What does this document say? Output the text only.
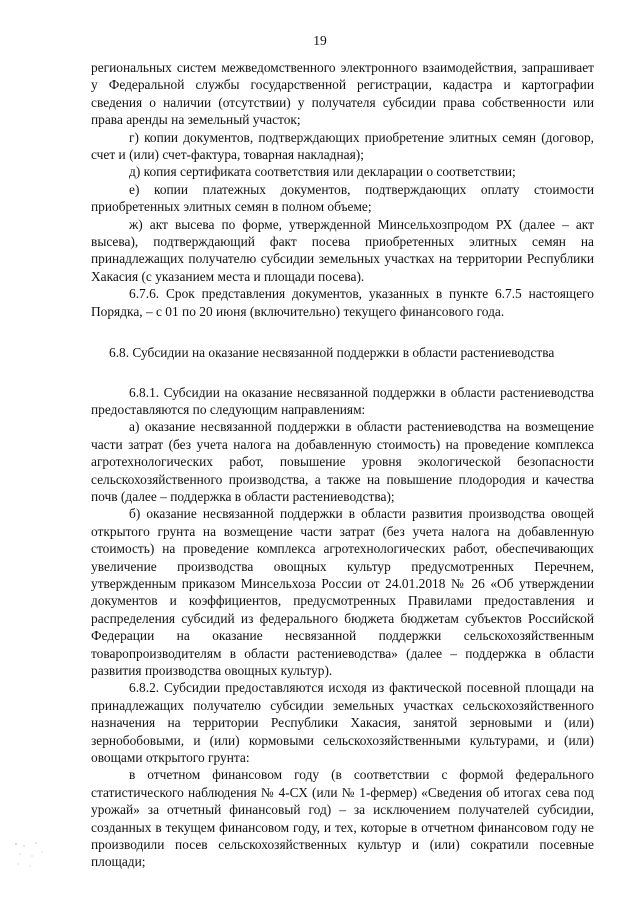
19

региональных систем межведомственного электронного взаимодействия, запрашивает у Федеральной службы государственной регистрации, кадастра и картографии сведения о наличии (отсутствии) у получателя субсидии права собственности или права аренды на земельный участок;

г) копии документов, подтверждающих приобретение элитных семян (договор, счет и (или) счет-фактура, товарная накладная);

д) копия сертификата соответствия или декларации о соответствии;

е) копии платежных документов, подтверждающих оплату стоимости приобретенных элитных семян в полном объеме;

ж) акт высева по форме, утвержденной Минсельхозпродом РХ (далее – акт высева), подтверждающий факт посева приобретенных элитных семян на принадлежащих получателю субсидии земельных участках на территории Республики Хакасия (с указанием места и площади посева).

6.7.6. Срок представления документов, указанных в пункте 6.7.5 настоящего Порядка, – с 01 по 20 июня (включительно) текущего финансового года.

6.8. Субсидии на оказание несвязанной поддержки в области растениеводства

6.8.1. Субсидии на оказание несвязанной поддержки в области растениеводства предоставляются по следующим направлениям:

а) оказание несвязанной поддержки в области растениеводства на возмещение части затрат (без учета налога на добавленную стоимость) на проведение комплекса агротехнологических работ, повышение уровня экологической безопасности сельскохозяйственного производства, а также на повышение плодородия и качества почв (далее – поддержка в области растениеводства);

б) оказание несвязанной поддержки в области развития производства овощей открытого грунта на возмещение части затрат (без учета налога на добавленную стоимость) на проведение комплекса агротехнологических работ, обеспечивающих увеличение производства овощных культур предусмотренных Перечнем, утвержденным приказом Минсельхоза России от 24.01.2018 № 26 «Об утверждении документов и коэффициентов, предусмотренных Правилами предоставления и распределения субсидий из федерального бюджета бюджетам субъектов Российской Федерации на оказание несвязанной поддержки сельскохозяйственным товаропроизводителям в области растениеводства» (далее – поддержка в области развития производства овощных культур).

6.8.2. Субсидии предоставляются исходя из фактической посевной площади на принадлежащих получателю субсидии земельных участках сельскохозяйственного назначения на территории Республики Хакасия, занятой зерновыми и (или) зернобобовыми, и (или) кормовыми сельскохозяйственными культурами, и (или) овощами открытого грунта:

в отчетном финансовом году (в соответствии с формой федерального статистического наблюдения № 4-СХ (или № 1-фермер) «Сведения об итогах сева под урожай» за отчетный финансовый год) – за исключением получателей субсидии, созданных в текущем финансовом году, и тех, которые в отчетном финансовом году не производили посев сельскохозяйственных культур и (или) сократили посевные площади;
